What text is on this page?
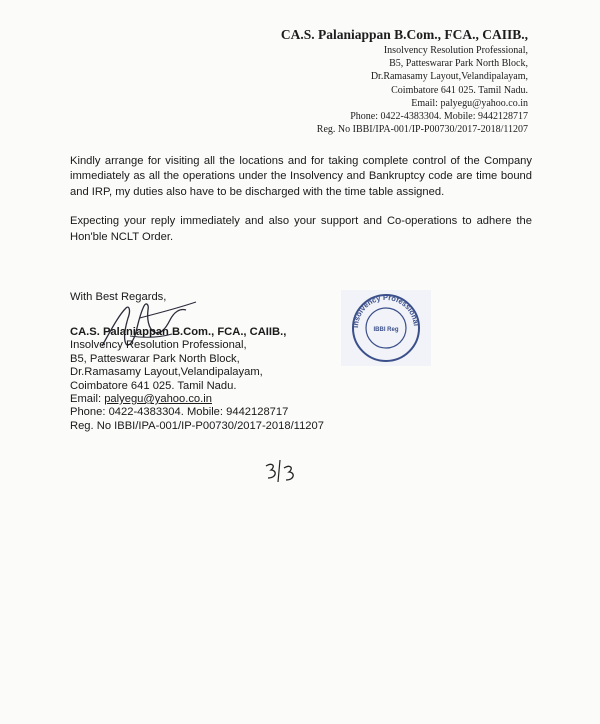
CA.S. Palaniappan B.Com., FCA., CAIIB.,
Insolvency Resolution Professional,
B5, Patteswarar Park North Block,
Dr.Ramasamy Layout,Velandipalayam,
Coimbatore 641 025. Tamil Nadu.
Email: palyegu@yahoo.co.in
Phone: 0422-4383304. Mobile: 9442128717
Reg. No IBBI/IPA-001/IP-P00730/2017-2018/11207

Kindly arrange for visiting all the locations and for taking complete control of the Company immediately as all the operations under the Insolvency and Bankruptcy code are time bound and IRP, my duties also have to be discharged with the time table assigned.

Expecting your reply immediately and also your support and Co-operations to adhere the Hon'ble NCLT Order.

With Best Regards,
Insolvency Professional
IBBI Reg
CA.S. Palaniappan B.Com., FCA., CAIIB.,
Insolvency Resolution Professional,
B5, Patteswarar Park North Block,
Dr.Ramasamy Layout,Velandipalayam,
Coimbatore 641 025. Tamil Nadu.
Email: palyegu@yahoo.co.in
Phone: 0422-4383304. Mobile: 9442128717
Reg. No IBBI/IPA-001/IP-P00730/2017-2018/11207
